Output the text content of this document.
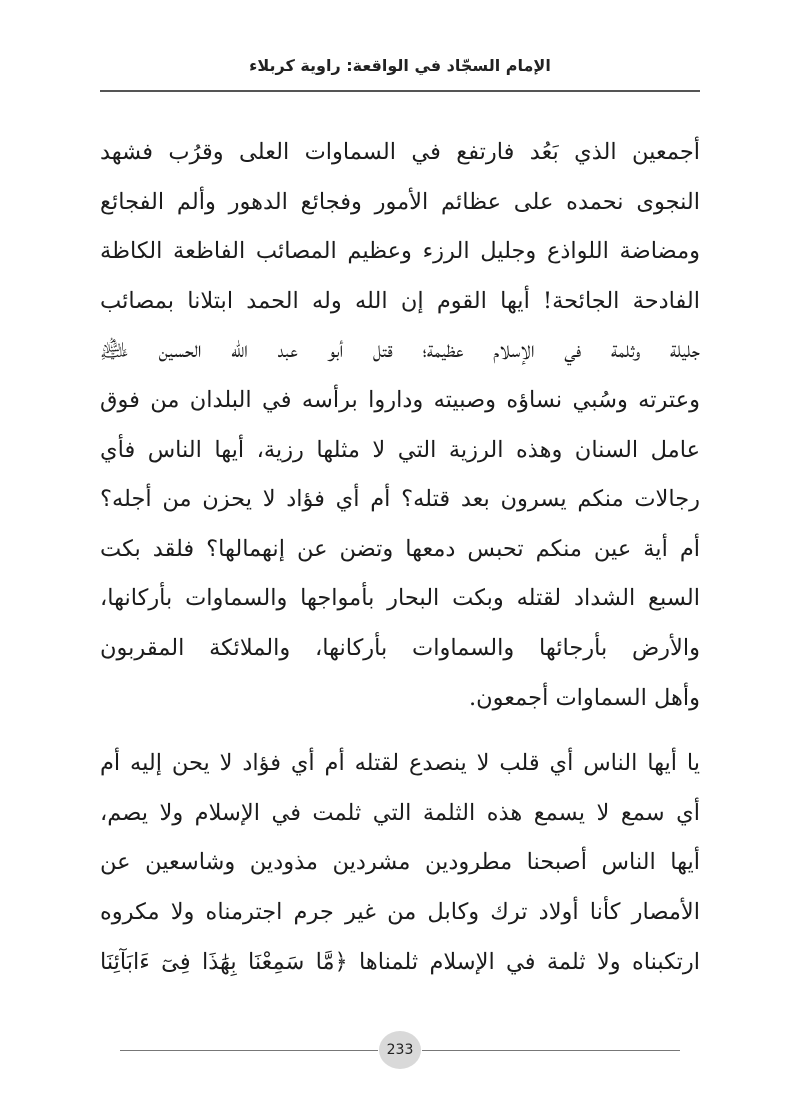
الإمام السجّاد في الواقعة: راوية كربلاء
أجمعين الذي بَعُد فارتفع في السماوات العلى وقرُب فشهد
النجوى نحمده على عظائم الأمور وفجائع الدهور وألم الفجائع
ومضاضة اللواذع وجليل الرزء وعظيم المصائب الفاظعة الكاظة
الفادحة الجائحة! أيها القوم إن الله وله الحمد ابتلانا بمصائب
جليلة وثلمة في الإسلام عظيمة؛ قتل أبو عبد الله الحسين ﵇
وعترته وسُبي نساؤه وصبيته وداروا برأسه في البلدان من فوق
عامل السنان وهذه الرزية التي لا مثلها رزية، أيها الناس فأي
رجالات منكم يسرون بعد قتله؟ أم أي فؤاد لا يحزن من أجله؟
أم أية عين منكم تحبس دمعها وتضن عن إنهمالها؟ فلقد بكت
السبع الشداد لقتله وبكت البحار بأمواجها والسماوات بأركانها،
والأرض بأرجائها والسماوات بأركانها، والملائكة المقربون
وأهل السماوات أجمعون.
يا أيها الناس أي قلب لا ينصدع لقتله أم أي فؤاد لا يحن إليه أم
أي سمع لا يسمع هذه الثلمة التي ثلمت في الإسلام ولا يصم،
أيها الناس أصبحنا مطرودين مشردين مذودين وشاسعين عن
الأمصار كأنا أولاد ترك وكابل من غير جرم اجترمناه ولا مكروه
ارتكبناه ولا ثلمة في الإسلام ثلمناها ﴿مَّا سَمِعْنَا بِهَٰذَا فِىٓ ءَابَآئِنَا
233
